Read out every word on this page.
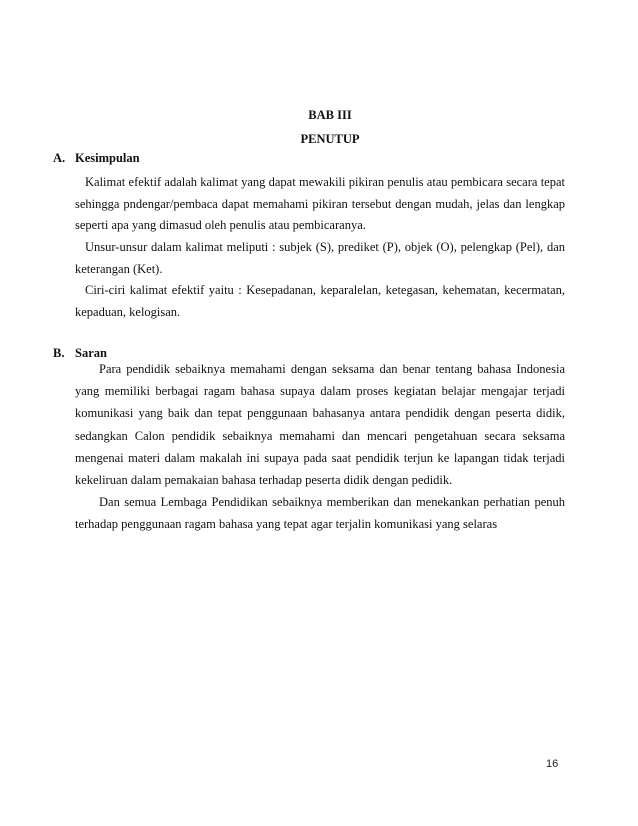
BAB III
PENUTUP
A. Kesimpulan

Kalimat efektif adalah kalimat yang dapat mewakili pikiran penulis atau pembicara secara tepat sehingga pndengar/pembaca dapat memahami pikiran tersebut dengan mudah, jelas dan lengkap seperti apa yang dimasud oleh penulis atau pembicaranya.

Unsur-unsur dalam kalimat meliputi : subjek (S), prediket (P), objek (O), pelengkap (Pel), dan keterangan (Ket).

Ciri-ciri kalimat efektif yaitu : Kesepadanan, keparalelan, ketegasan, kehematan, kecermatan, kepaduan, kelogisan.

B. Saran

Para pendidik sebaiknya memahami dengan seksama dan benar tentang bahasa Indonesia yang memiliki berbagai ragam bahasa supaya dalam proses kegiatan belajar mengajar terjadi komunikasi yang baik dan tepat penggunaan bahasanya antara pendidik dengan peserta didik, sedangkan Calon pendidik sebaiknya memahami dan mencari pengetahuan secara seksama mengenai materi dalam makalah ini supaya pada saat pendidik terjun ke lapangan tidak terjadi kekeliruan dalam pemakaian bahasa terhadap peserta didik dengan pedidik.

Dan semua Lembaga Pendidikan sebaiknya memberikan dan menekankan perhatian penuh terhadap penggunaan ragam bahasa yang tepat agar terjalin komunikasi yang selaras

16
